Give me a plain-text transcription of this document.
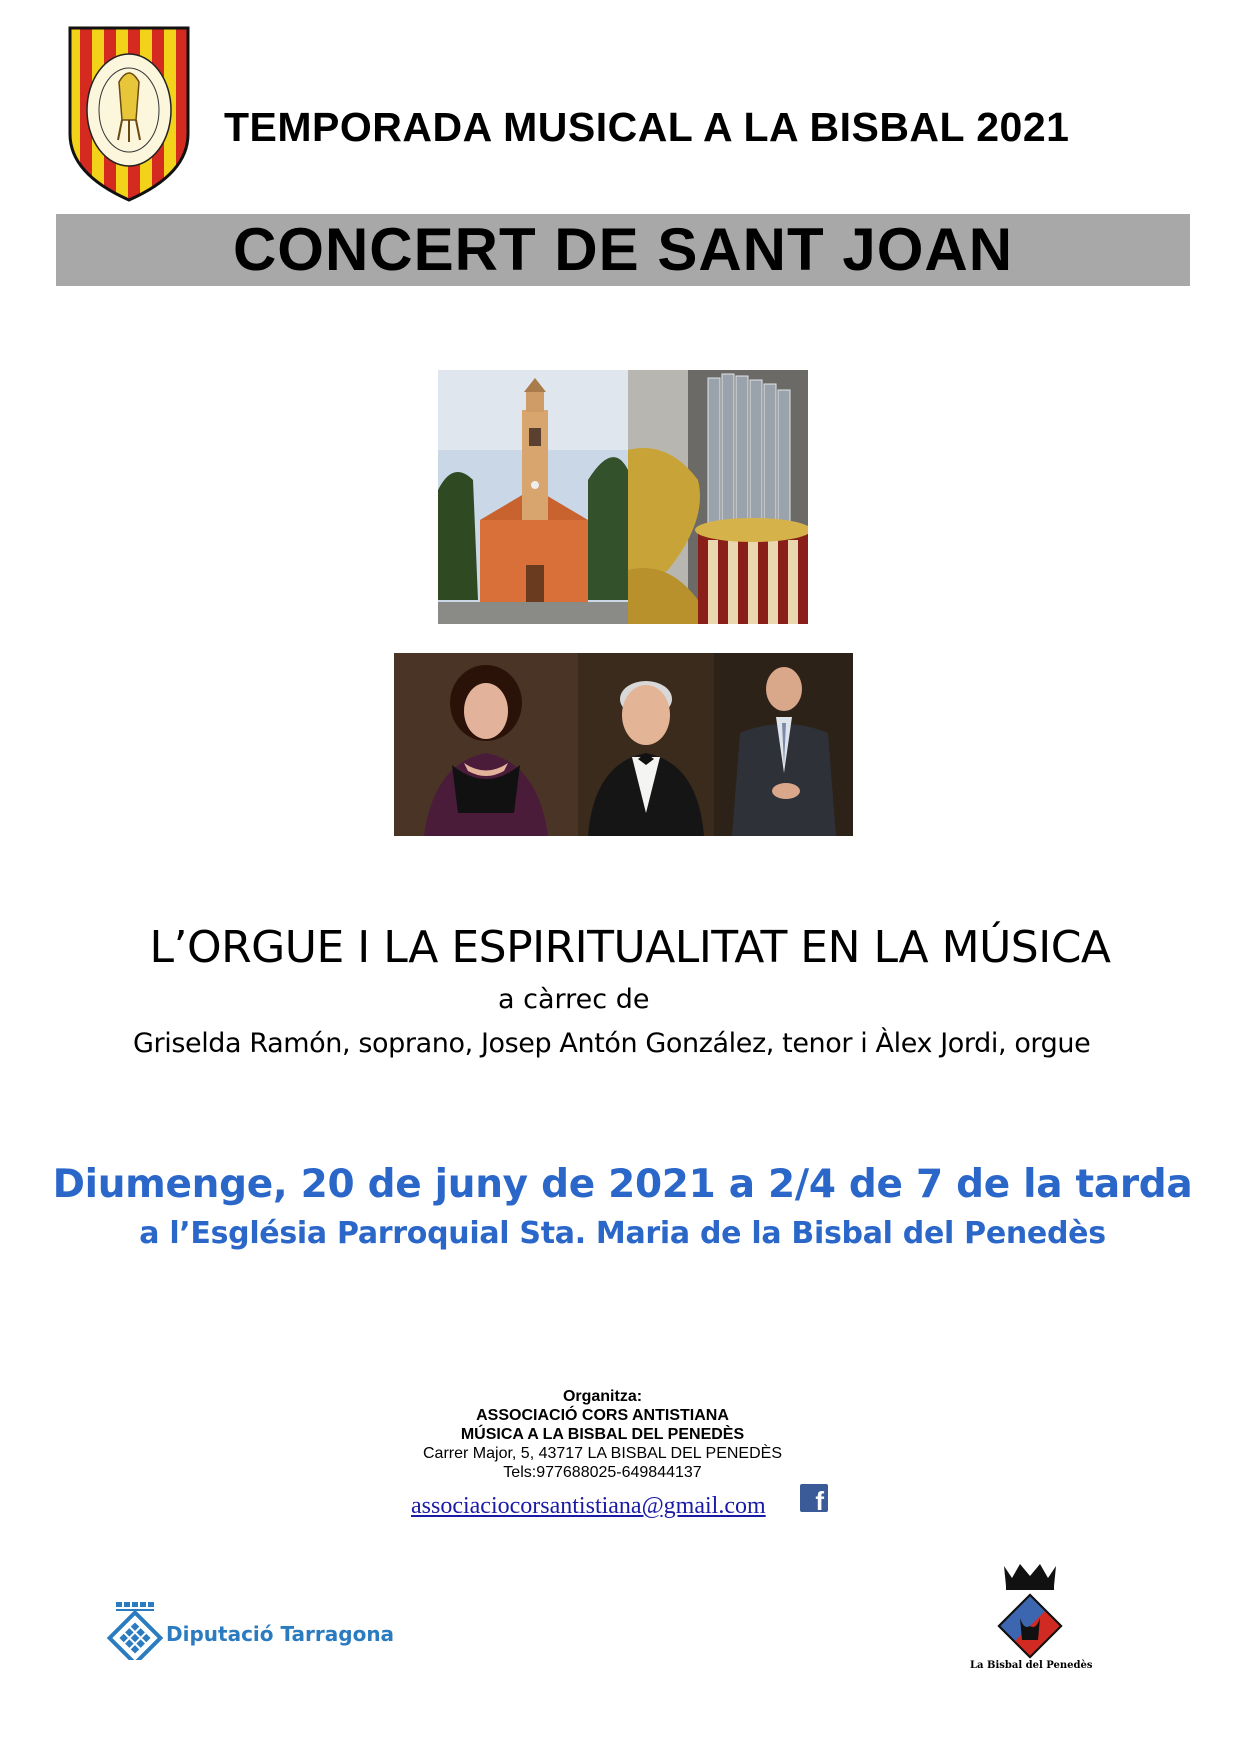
TEMPORADA MUSICAL A LA BISBAL 2021
CONCERT DE SANT JOAN
L’ORGUE I LA ESPIRITUALITAT EN LA MÚSICA
a càrrec de
Griselda Ramón, soprano, Josep Antón González, tenor i Àlex Jordi, orgue
Diumenge, 20 de juny de 2021 a 2/4 de 7 de la tarda
a l’Església Parroquial Sta. Maria de la Bisbal del Penedès
Organitza:
ASSOCIACIÓ CORS ANTISTIANA
MÚSICA A LA BISBAL DEL PENEDÈS
Carrer Major, 5, 43717 LA BISBAL DEL PENEDÈS
Tels:977688025-649844137
associaciocorsantistiana@gmail.com f
Diputació Tarragona
La Bisbal del Penedès
